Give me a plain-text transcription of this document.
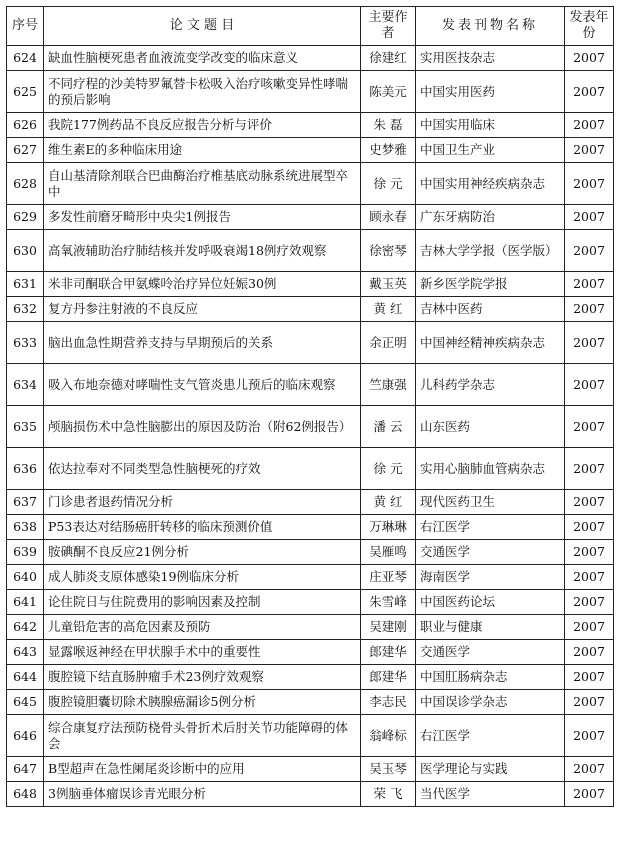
序号	论 文 题 目	主要作者	发表刊物名称	发表年份
624	缺血性脑梗死患者血液流变学改变的临床意义	徐建红	实用医技杂志	2007
625	不同疗程的沙美特罗氟替卡松吸入治疗咳嗽变异性哮喘的预后影响	陈美元	中国实用医药	2007
626	我院177例药品不良反应报告分析与评价	朱 磊	中国实用临床	2007
627	维生素E的多种临床用途	史梦雅	中国卫生产业	2007
628	自山基清除剂联合巴曲酶治疗椎基底动脉系统进展型卒中	徐 元	中国实用神经疾病杂志	2007
629	多发性前磨牙畸形中央尖1例报告	顾永春	广东牙病防治	2007
630	高氧液辅助治疗肺结核并发呼吸衰竭18例疗效观察	徐密琴	吉林大学学报（医学版）	2007
631	米非司酮联合甲氨蝶呤治疗异位妊娠30例	戴玉英	新乡医学院学报	2007
632	复方丹参注射液的不良反应	黄 红	吉林中医药	2007
633	脑出血急性期营养支持与早期预后的关系	余正明	中国神经精神疾病杂志	2007
634	吸入布地奈德对哮喘性支气管炎患儿预后的临床观察	竺康强	儿科药学杂志	2007
635	颅脑损伤术中急性脑膨出的原因及防治（附62例报告）	潘 云	山东医药	2007
636	依达拉奉对不同类型急性脑梗死的疗效	徐 元	实用心脑肺血管病杂志	2007
637	门诊患者退药情况分析	黄 红	现代医药卫生	2007
638	P53表达对结肠癌肝转移的临床预测价值	万琳琳	右江医学	2007
639	胺碘酮不良反应21例分析	吴雁鸣	交通医学	2007
640	成人肺炎支原体感染19例临床分析	庄亚琴	海南医学	2007
641	论住院日与住院费用的影响因素及控制	朱雪峰	中国医药论坛	2007
642	儿童铅危害的高危因素及预防	吴建刚	职业与健康	2007
643	显露喉返神经在甲状腺手术中的重要性	郎建华	交通医学	2007
644	腹腔镜下结直肠肿瘤手术23例疗效观察	郎建华	中国肛肠病杂志	2007
645	腹腔镜胆囊切除术胰腺癌漏诊5例分析	李志民	中国误诊学杂志	2007
646	综合康复疗法预防桡骨头骨折术后肘关节功能障碍的体会	翁峰标	右江医学	2007
647	B型超声在急性阑尾炎诊断中的应用	吴玉琴	医学理论与实践	2007
648	3例脑垂体瘤误诊青光眼分析	荣 飞	当代医学	2007
